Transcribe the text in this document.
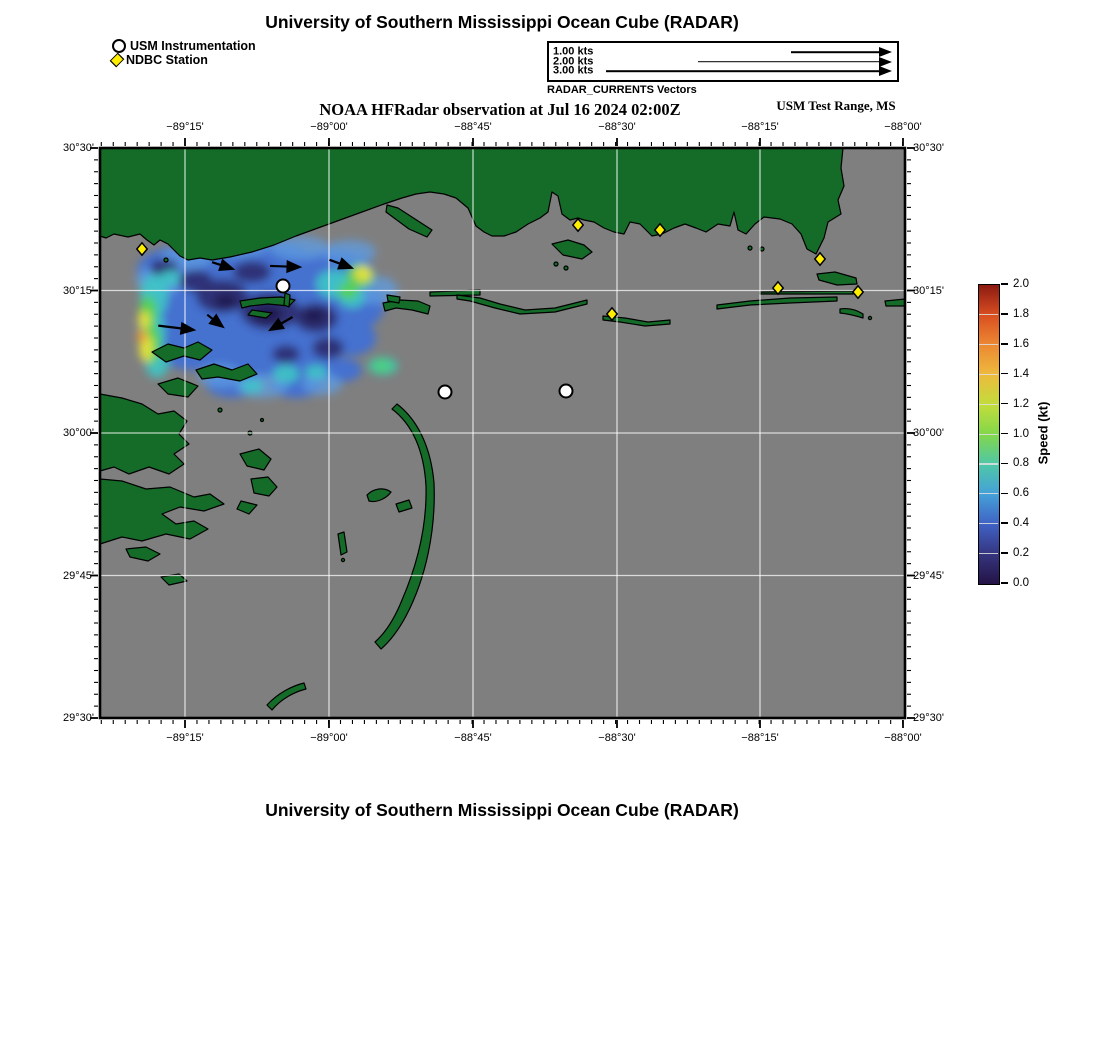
University of Southern Mississippi Ocean Cube (RADAR)
USM Instrumentation
NDBC Station
1.00 kts
2.00 kts
3.00 kts
RADAR_CURRENTS Vectors
NOAA HFRadar observation at Jul 16 2024 02:00Z	USM Test Range, MS
Speed (kt)
University of Southern Mississippi Ocean Cube (RADAR)
−89°15'
−89°15'
−89°00'
−89°00'
−88°45'
−88°45'
−88°30'
−88°30'
−88°15'
−88°15'
−88°00'
−88°00'
30°30'	30°30'
30°15'	30°15'
30°00'	30°00'
29°45'	29°45'
29°30'	29°30'
2.0
1.8
1.6
1.4
1.2
1.0
0.8
0.6
0.4
0.2
0.0
